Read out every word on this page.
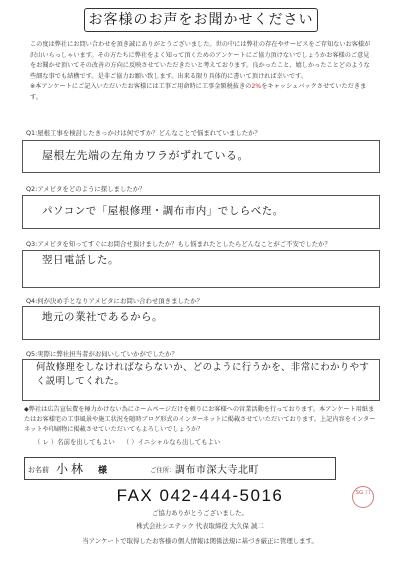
お客様のお声をお聞かせください

この度は弊社にお問い合わせを頂き誠にありがとうございました。世の中には弊社の存在やサービスをご存知ないお客様が沢山いらっしゃいます。その方たちに弊社をよく知って頂くためのアンケートにご協力頂けないでしょうかお客様のご意見をお聞かせ頂いてその改善の方向に反映させていただきたいと考えております。良かったこと、嬉しかったことどのような些細な事でも結構です。是非ご協力お願い致します。出来る限り具体的に書いて頂ければ幸いです。

※本アンケートにご記入いただいたお客様には工事ご用命時に工事金額税抜きの2%をキャッシュバックさせていただきます。

Q1:屋根工事を検討したきっかけは何ですか？どんなことで悩まれていましたか？
屋根左先端の左角カワラがずれている。
Q2:アメビタをどのように探しましたか？
パソコンで「屋根修理・調布市内」でしらべた。
Q3:アメビタを知ってすぐにお問合せ頂けましたか？もし悩まれたとしたらどんなことがご不安でしたか？
翌日電話した。
Q4:何が決め手となりアメビタにお問い合わせ頂きましたか？
地元の業社であるから。
Q5:実際に弊社担当者がお伺いしていかがでしたか？
何故修理をしなければならないか、どのように行うかを、非常にわかりやすく説明してくれた。

◆弊社は広告宣伝費を極力かけない為にホームページだけを頼りにお客様への営業活動を行っております。本アンケート用紙またはお客様宅の工事風景や施工状況を随時ブログ形式のインターネットに掲載させていただいております。上記内容をインターネットや印刷物に掲載させていただいてもよろしいでしょうか？

（ レ ）名前を出してもよい （ ）イニシャルなら出してもよい
お名前 小林 様	ご住所： 調布市深大寺北町
FAX 042-444-5016	SG 口
ご協力ありがとうございました。
株式会社シエテック 代表取締役 大久保 誠二
当アンケートで取得したお客様の個人情報は関係法規に基づき厳正に管理します。
